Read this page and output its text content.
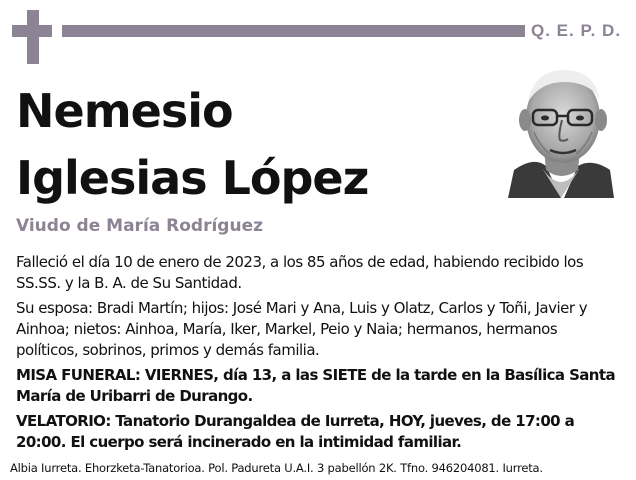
Q. E. P. D.
Nemesio
Iglesias López
Viudo de María Rodríguez
Falleció el día 10 de enero de 2023, a los 85 años de edad, habiendo recibido los SS.SS. y la B. A. de Su Santidad.
Su esposa: Bradi Martín; hijos: José Mari y Ana, Luis y Olatz, Carlos y Toñi, Javier y Ainhoa; nietos: Ainhoa, María, Iker, Markel, Peio y Naia; hermanos, hermanos políticos, sobrinos, primos y demás familia.
MISA FUNERAL: VIERNES, día 13, a las SIETE de la tarde en la Basílica Santa María de Uribarri de Durango.
VELATORIO: Tanatorio Durangaldea de Iurreta, HOY, jueves, de 17:00 a 20:00. El cuerpo será incinerado en la intimidad familiar.
Albia Iurreta. Ehorzketa-Tanatorioa. Pol. Padureta U.A.I. 3 pabellón 2K. Tfno. 946204081. Iurreta.
